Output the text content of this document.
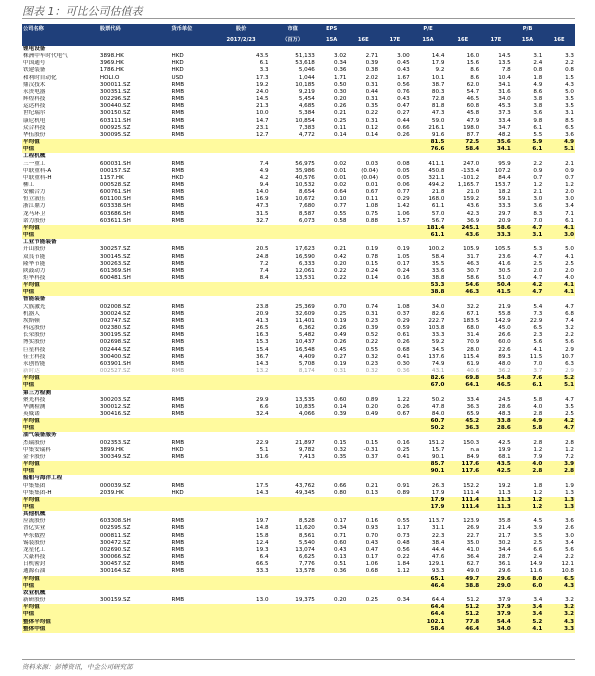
图表 1：可比公司估值表
公司名称	股票代码	货币单位	股价	市值	EPS			P/E			P/B	
			2017/2/23	（百万）	15A	16E	17E	15A	16E	17E	15A	16E
锂电设备												
株洲中车时代电气	3898.HK	HKD	43.5	51,133	3.02	2.71	3.00	14.4	16.0	14.5	3.1	3.3
中国通号	3969.HK	HKD	6.1	53,618	0.34	0.39	0.45	17.9	15.6	13.5	2.4	2.2
铁建装备	1786.HK	HKD	3.3	5,046	0.36	0.38	0.43	9.2	8.6	7.8	0.8	0.8
和利时自动化	HOLI.O	USD	17.3	1,044	1.71	2.02	1.67	10.1	8.6	10.4	1.8	1.5
鼎汉技术	300011.SZ	RMB	19.2	10,185	0.50	0.31	0.56	38.7	62.0	34.1	4.9	4.3
永贵电器	300351.SZ	RMB	24.0	9,219	0.30	0.44	0.76	80.3	54.7	31.6	8.6	5.0
辉煌科技	002296.SZ	RMB	14.5	5,454	0.20	0.31	0.43	72.8	46.5	34.0	3.8	3.5
运达科技	300440.SZ	RMB	21.3	4,685	0.26	0.35	0.47	81.8	60.8	45.3	3.8	3.5
世纪瑞尔	300150.SZ	RMB	10.0	5,384	0.21	0.22	0.27	47.3	45.8	37.3	3.6	3.1
康尼机电	603111.SH	RMB	14.7	10,854	0.25	0.31	0.44	59.0	47.9	33.4	9.8	8.5
众合科技	000925.SZ	RMB	23.1	7,383	0.11	0.12	0.66	216.1	198.0	34.7	6.1	6.5
华伍股份	300095.SZ	RMB	12.7	4,772	0.14	0.14	0.26	91.6	87.7	48.2	5.5	3.6
平均值								81.5	72.5	35.6	5.9	4.9
中值								76.6	58.4	34.1	6.1	5.1
工程机械												
三一重工	600031.SH	RMB	7.4	56,975	0.02	0.03	0.08	411.1	247.0	95.9	2.2	2.1
中联重科-A	000157.SZ	RMB	4.9	35,986	0.01	(0.04)	0.05	450.8	-133.4	107.2	0.9	0.9
中联重科-H	1157.HK	HKD	4.2	40,576	0.01	(0.04)	0.05	321.1	-101.2	84.4	0.7	0.7
柳工	000528.SZ	RMB	9.4	10,532	0.02	0.01	0.06	494.2	1,165.7	153.7	1.2	1.2
安徽合力	600761.SH	RMB	14.0	8,654	0.64	0.67	0.77	21.8	21.0	18.2	2.1	2.0
恒立液压	601100.SH	RMB	16.9	10,672	0.10	0.11	0.29	168.0	159.2	59.1	3.0	3.0
浙江鼎力	603338.SH	RMB	47.3	7,680	0.77	1.08	1.42	61.1	43.6	33.3	3.6	3.4
龙马环卫	603686.SH	RMB	31.5	8,587	0.55	0.75	1.06	57.0	42.3	29.7	8.3	7.1
诺力股份	603611.SH	RMB	32.7	6,073	0.58	0.88	1.57	56.7	36.9	20.9	7.0	6.1
平均值								181.4	245.1	58.6	4.7	4.1
中值								61.1	43.6	33.3	3.1	3.0
工业节能装备												
开山股份	300257.SZ	RMB	20.5	17,623	0.21	0.19	0.19	100.2	105.9	105.5	5.3	5.0
双良节能	300145.SZ	RMB	24.8	16,590	0.42	0.78	1.05	58.4	31.7	23.6	4.7	4.1
隆华节能	300263.SZ	RMB	7.2	6,333	0.20	0.15	0.17	35.5	46.3	41.6	2.5	2.5
陕鼓动力	601369.SH	RMB	7.4	12,061	0.22	0.24	0.24	33.6	30.7	30.5	2.0	2.0
炬华科技	600481.SH	RMB	8.4	13,531	0.22	0.14	0.16	38.8	58.6	51.0	4.7	4.0
平均值								53.3	54.6	50.4	4.2	4.1
中值								38.8	46.3	41.5	4.7	4.1
智能装备												
大族激光	002008.SZ	RMB	23.8	25,369	0.70	0.74	1.08	34.0	32.2	21.9	5.4	4.7
机器人	300024.SZ	RMB	20.9	32,609	0.25	0.31	0.37	82.6	67.1	55.8	7.3	6.8
埃斯顿	002747.SZ	RMB	41.3	11,401	0.19	0.23	0.29	222.7	183.5	142.9	22.9	7.4
科远股份	002380.SZ	RMB	26.5	6,362	0.26	0.39	0.59	103.8	68.0	45.0	6.5	3.2
长荣股份	300195.SZ	RMB	16.3	5,482	0.49	0.52	0.61	33.3	31.4	26.6	2.3	2.2
博实股份	002698.SZ	RMB	15.3	10,437	0.26	0.22	0.26	59.2	70.9	60.0	5.6	5.6
巨星科技	002444.SZ	RMB	15.4	16,548	0.45	0.55	0.68	34.5	28.0	22.6	4.1	2.9
佳士科技	300400.SZ	RMB	36.7	4,409	0.27	0.32	0.41	137.6	115.4	89.3	11.5	10.7
永创智能	603901.SH	RMB	14.3	5,708	0.19	0.23	0.30	74.9	61.9	48.0	7.0	6.3
新时达	002527.SZ	RMB	13.2	8,174	0.31	0.32	0.36	43.1	40.6	36.2	3.7	2.9
平均值								82.6	69.8	54.8	7.6	5.2
中值								67.0	64.1	46.5	6.1	5.1
第三方检测												
聚光科技	300203.SZ	RMB	29.9	13,535	0.60	0.89	1.22	50.2	33.4	24.5	5.8	4.7
华测检测	300012.SZ	RMB	6.6	10,835	0.14	0.20	0.26	47.8	36.3	28.6	4.0	3.5
英威诺	300416.SZ	RMB	32.4	4,066	0.39	0.49	0.67	84.0	65.9	48.3	2.8	2.5
平均值								60.7	45.2	33.8	4.9	4.2
中值								50.2	36.3	28.6	5.8	4.7
油气装备服务												
杰瑞股份	002353.SZ	RMB	22.9	21,897	0.15	0.15	0.16	151.2	150.3	42.5	2.8	2.8
中集安瑞科	3899.HK	HKD	5.1	9,782	0.32	-0.31	0.25	15.7	n.a	19.9	1.2	1.2
金卡股份	300349.SZ	RMB	31.6	7,413	0.35	0.37	0.41	90.1	84.9	68.1	7.9	7.2
平均值								85.7	117.6	43.5	4.0	3.9
中值								90.1	117.6	42.5	2.8	2.8
船舶与海洋工程												
中集集团	000039.SZ	RMB	17.5	43,762	0.66	0.21	0.91	26.3	152.2	19.2	1.8	1.9
中集集团-H	2039.HK	HKD	14.3	49,345	0.80	0.13	0.89	17.9	111.4	11.3	1.2	1.3
平均值								17.9	111.4	11.3	1.2	1.3
中值								17.9	111.4	11.3	1.2	1.3
其他机械												
应流股份	603308.SH	RMB	19.7	8,528	0.17	0.16	0.55	113.7	123.9	35.8	4.5	3.6
晋亿实业	002595.SZ	RMB	14.8	11,620	0.34	0.93	1.17	31.1	26.9	21.4	3.9	2.6
华东数控	000811.SZ	RMB	15.8	8,561	0.71	0.70	0.73	22.3	22.7	21.7	3.5	3.0
锡装股份	300472.SZ	RMB	12.4	5,540	0.60	0.43	0.48	38.4	35.0	30.2	2.5	3.4
龙星化工	002690.SZ	RMB	19.3	13,074	0.43	0.47	0.56	44.4	41.0	34.4	6.6	5.6
大豪科技	300066.SZ	RMB	6.4	6,625	0.13	0.17	0.22	47.6	36.4	28.7	2.4	2.2
日机密封	300457.SZ	RMB	66.5	7,776	0.51	1.06	1.84	129.1	62.7	36.1	14.9	12.1
通源石油	300164.SZ	RMB	33.3	13,578	0.36	0.68	1.12	93.3	49.0	29.6	11.6	10.8
平均值								65.1	49.7	29.6	8.0	6.5
中值								46.4	38.8	29.0	6.0	4.3
农业机械												
新研股份	300159.SZ	RMB	13.0	19,375	0.20	0.25	0.34	64.4	51.2	37.9	3.4	3.2
平均值								64.4	51.2	37.9	3.4	3.2
中值								64.4	51.2	37.9	3.4	3.2
整体平均值								102.1	77.8	54.4	5.2	4.3
整体中值								58.4	46.4	34.0	4.1	3.3
资料来源：彭博资讯，中金公司研究部
